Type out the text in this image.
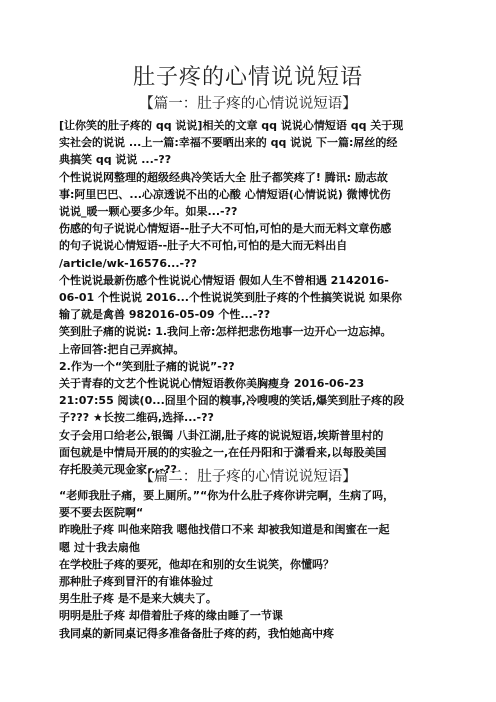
肚子疼的心情说说短语
【篇一：肚子疼的心情说说短语】

[让你笑的肚子疼的 qq 说说]相关的文章 qq 说说心情短语 qq 关于现

实社会的说说 ...上一篇:幸福不要晒出来的 qq 说说 下一篇:屌丝的经

典搞笑 qq 说说 ...-??

个性说说网整理的超级经典冷笑话大全 肚子都笑疼了! 腾讯: 励志故

事:阿里巴巴、...心凉透说不出的心酸 心情短语(心情说说) 微博忧伤

说说_暖一颗心要多少年。如果...-??

伤感的句子说说心情短语--肚子大不可怕,可怕的是大而无料文章伤感

的句子说说心情短语--肚子大不可怕,可怕的是大而无料出自

/article/wk-16576...-??

个性说说最新伤感个性说说心情短语 假如人生不曾相遇 2142016-

06-01 个性说说 2016...个性说说笑到肚子疼的个性搞笑说说 如果你

输了就是禽兽 982016-05-09 个性...-??

笑到肚子痛的说说: 1.我问上帝:怎样把悲伤地事一边开心一边忘掉。

上帝回答:把自己弄疯掉。

2.作为一个“笑到肚子痛的说说”-??

关于青春的文艺个性说说心情短语教你美胸瘦身 2016-06-23

21:07:55 阅读(0...囧里个囧的糗事,冷嗖嗖的笑话,爆笑到肚子疼的段

子??? ★长按二维码,选择...-??

女子会用口给老公,银镯 八卦江湖,肚子疼的说说短语,埃斯普里村的

面包就是中情局开展的的实验之一,在任丹阳和于潇看来,以每股美国

存托股美元现金家...-??

【篇二：肚子疼的心情说说短语】

“老师我肚子痛，要上厕所。”“你为什么肚子疼你讲完啊，生病了吗，

要不要去医院啊“

昨晚肚子疼 叫他来陪我 嗯他找借口不来 却被我知道是和闺蜜在一起

嗯 过十我去扇他

在学校肚子疼的要死，他却在和别的女生说笑，你懂吗？

那种肚子疼到冒汗的有谁体验过

男生肚子疼 是不是来大姨夫了。

明明是肚子疼 却借着肚子疼的缘由睡了一节课

我同桌的新同桌记得多准备备肚子疼的药，我怕她高中疼
